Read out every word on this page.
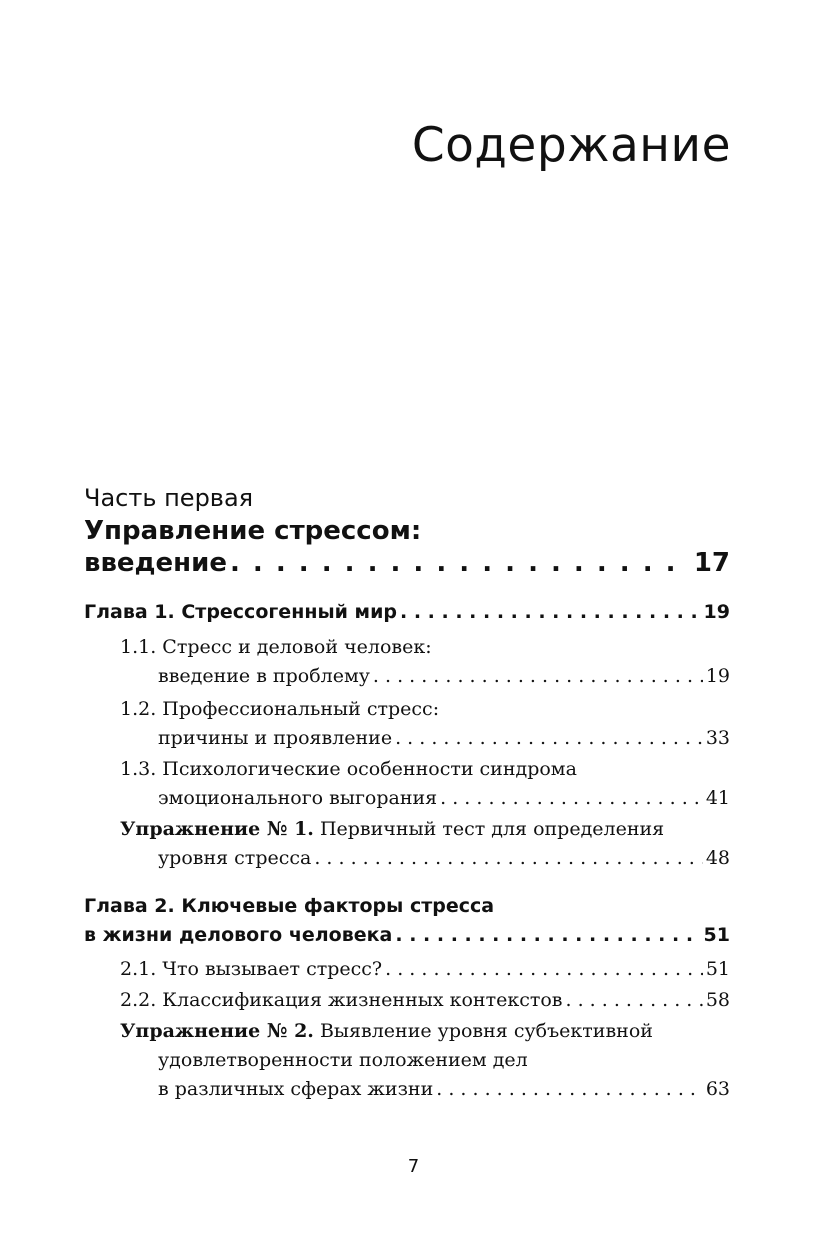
Содержание
Часть первая
Управление стрессом:
введение . . .	17
Глава 1. Стрессогенный мир . . .	19
1.1. Стресс и деловой человек:
введение в проблему . . .	19
1.2. Профессиональный стресс:
причины и проявление . . .	33
1.3. Психологические особенности синдрома
эмоционального выгорания . . .	41
Упражнение № 1. Первичный тест для определения
уровня стресса . . .	48
Глава 2. Ключевые факторы стресса
в жизни делового человека . . .	51
2.1. Что вызывает стресс? . . .	51
2.2. Классификация жизненных контекстов . . .	58
Упражнение № 2. Выявление уровня субъективной
удовлетворенности положением дел
в различных сферах жизни . . .	63
7
